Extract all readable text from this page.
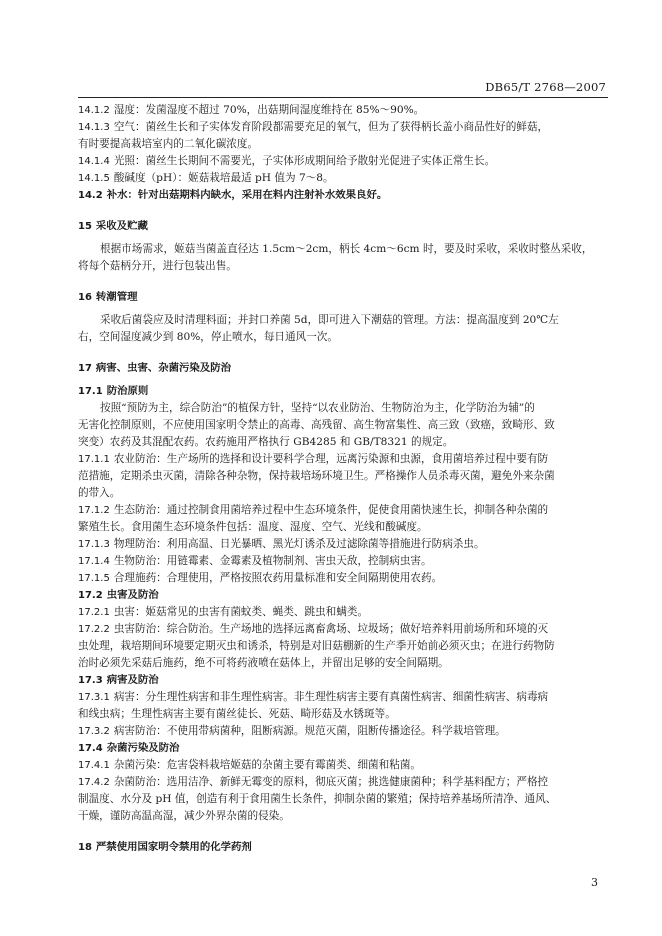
DB65/T 2768—2007
14.1.2 湿度：发菌湿度不超过 70%，出菇期间湿度维持在 85%～90%。
14.1.3 空气：菌丝生长和子实体发育阶段都需要充足的氧气，但为了获得柄长盖小商品性好的鲜菇，
有时要提高栽培室内的二氧化碳浓度。
14.1.4 光照：菌丝生长期间不需要光，子实体形成期间给予散射光促进子实体正常生长。
14.1.5 酸碱度（pH）：姬菇栽培最适 pH 值为 7～8。
14.2 补水：针对出菇期料内缺水，采用在料内注射补水效果良好。
15 采收及贮藏
根据市场需求，姬菇当菌盖直径达 1.5cm～2cm，柄长 4cm～6cm 时，要及时采收，采收时整丛采收，
将每个菇柄分开，进行包装出售。
16 转潮管理
采收后菌袋应及时清理料面；并封口养菌 5d，即可进入下潮菇的管理。方法：提高温度到 20℃左
右，空间湿度减少到 80%，停止喷水，每日通风一次。
17 病害、虫害、杂菌污染及防治
17.1 防治原则
按照“预防为主，综合防治”的植保方针，坚持“以农业防治、生物防治为主，化学防治为辅”的
无害化控制原则，不应使用国家明令禁止的高毒、高残留、高生物富集性、高三致（致癌，致畸形、致
突变）农药及其混配农药。农药施用严格执行 GB4285 和 GB/T8321 的规定。
17.1.1 农业防治：生产场所的选择和设计要科学合理，远离污染源和虫源，食用菌培养过程中要有防
范措施，定期杀虫灭菌，清除各种杂物，保持栽培场环境卫生。严格操作人员杀毒灭菌，避免外来杂菌
的带入。
17.1.2 生态防治：通过控制食用菌培养过程中生态环境条件，促使食用菌快速生长，抑制各种杂菌的
繁殖生长。食用菌生态环境条件包括：温度、湿度、空气、光线和酸碱度。
17.1.3 物理防治：利用高温、日光暴晒、黑光灯诱杀及过滤除菌等措施进行防病杀虫。
17.1.4 生物防治：用链霉素、金霉素及植物制剂、害虫天敌，控制病虫害。
17.1.5 合理施药：合理使用，严格按照农药用量标准和安全间隔期使用农药。
17.2 虫害及防治
17.2.1 虫害：姬菇常见的虫害有菌蚊类、蝇类、跳虫和螨类。
17.2.2 虫害防治：综合防治。生产场地的选择远离畜禽场、垃圾场；做好培养料用前场所和环境的灭
虫处理，栽培期间环境要定期灭虫和诱杀，特别是对旧菇棚新的生产季开始前必须灭虫；在进行药物防
治时必须先采菇后施药，绝不可将药液喷在菇体上，并留出足够的安全间隔期。
17.3 病害及防治
17.3.1 病害：分生理性病害和非生理性病害。非生理性病害主要有真菌性病害、细菌性病害、病毒病
和线虫病；生理性病害主要有菌丝徒长、死菇、畸形菇及水锈斑等。
17.3.2 病害防治：不使用带病菌种，阻断病源。规范灭菌，阻断传播途径。科学栽培管理。
17.4 杂菌污染及防治
17.4.1 杂菌污染：危害袋料栽培姬菇的杂菌主要有霉菌类、细菌和粘菌。
17.4.2 杂菌防治：选用洁净、新鲜无霉变的原料，彻底灭菌；挑选健康菌种；科学基料配方；严格控
制温度、水分及 pH 值，创造有利于食用菌生长条件，抑制杂菌的繁殖；保持培养基场所清净、通风、
干燥，谨防高温高湿，减少外界杂菌的侵染。
18 严禁使用国家明令禁用的化学药剂
3
